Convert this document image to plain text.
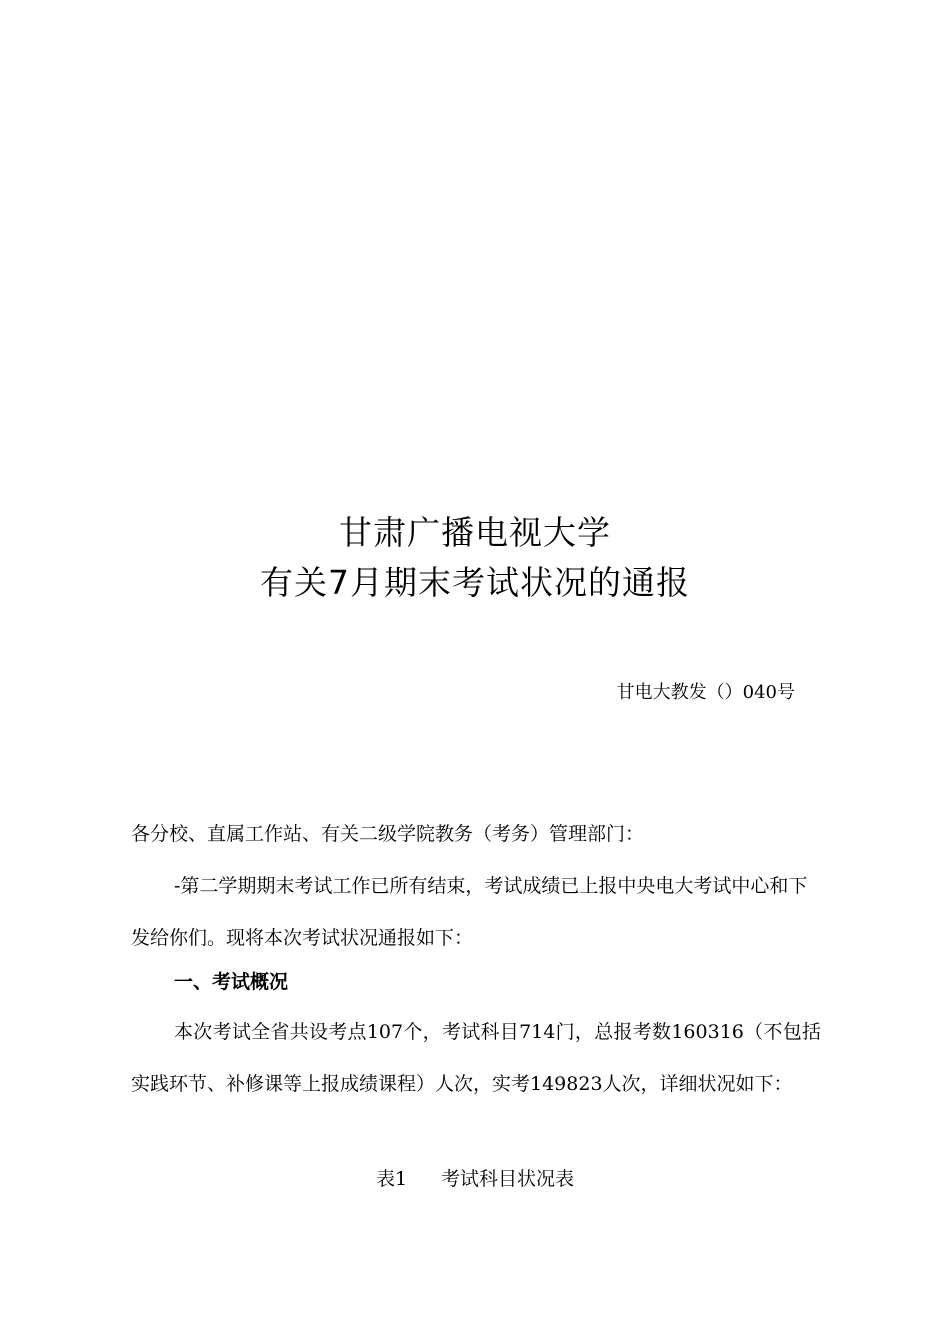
甘肃广播电视大学
有关7月期末考试状况的通报
甘电大教发（）040号
各分校、直属工作站、有关二级学院教务（考务）管理部门：
-第二学期期末考试工作已所有结束，考试成绩已上报中央电大考试中心和下发给你们。现将本次考试状况通报如下：
一、考试概况
本次考试全省共设考点107个，考试科目714门，总报考数160316（不包括实践环节、补修课等上报成绩课程）人次，实考149823人次，详细状况如下：
表1 考试科目状况表
